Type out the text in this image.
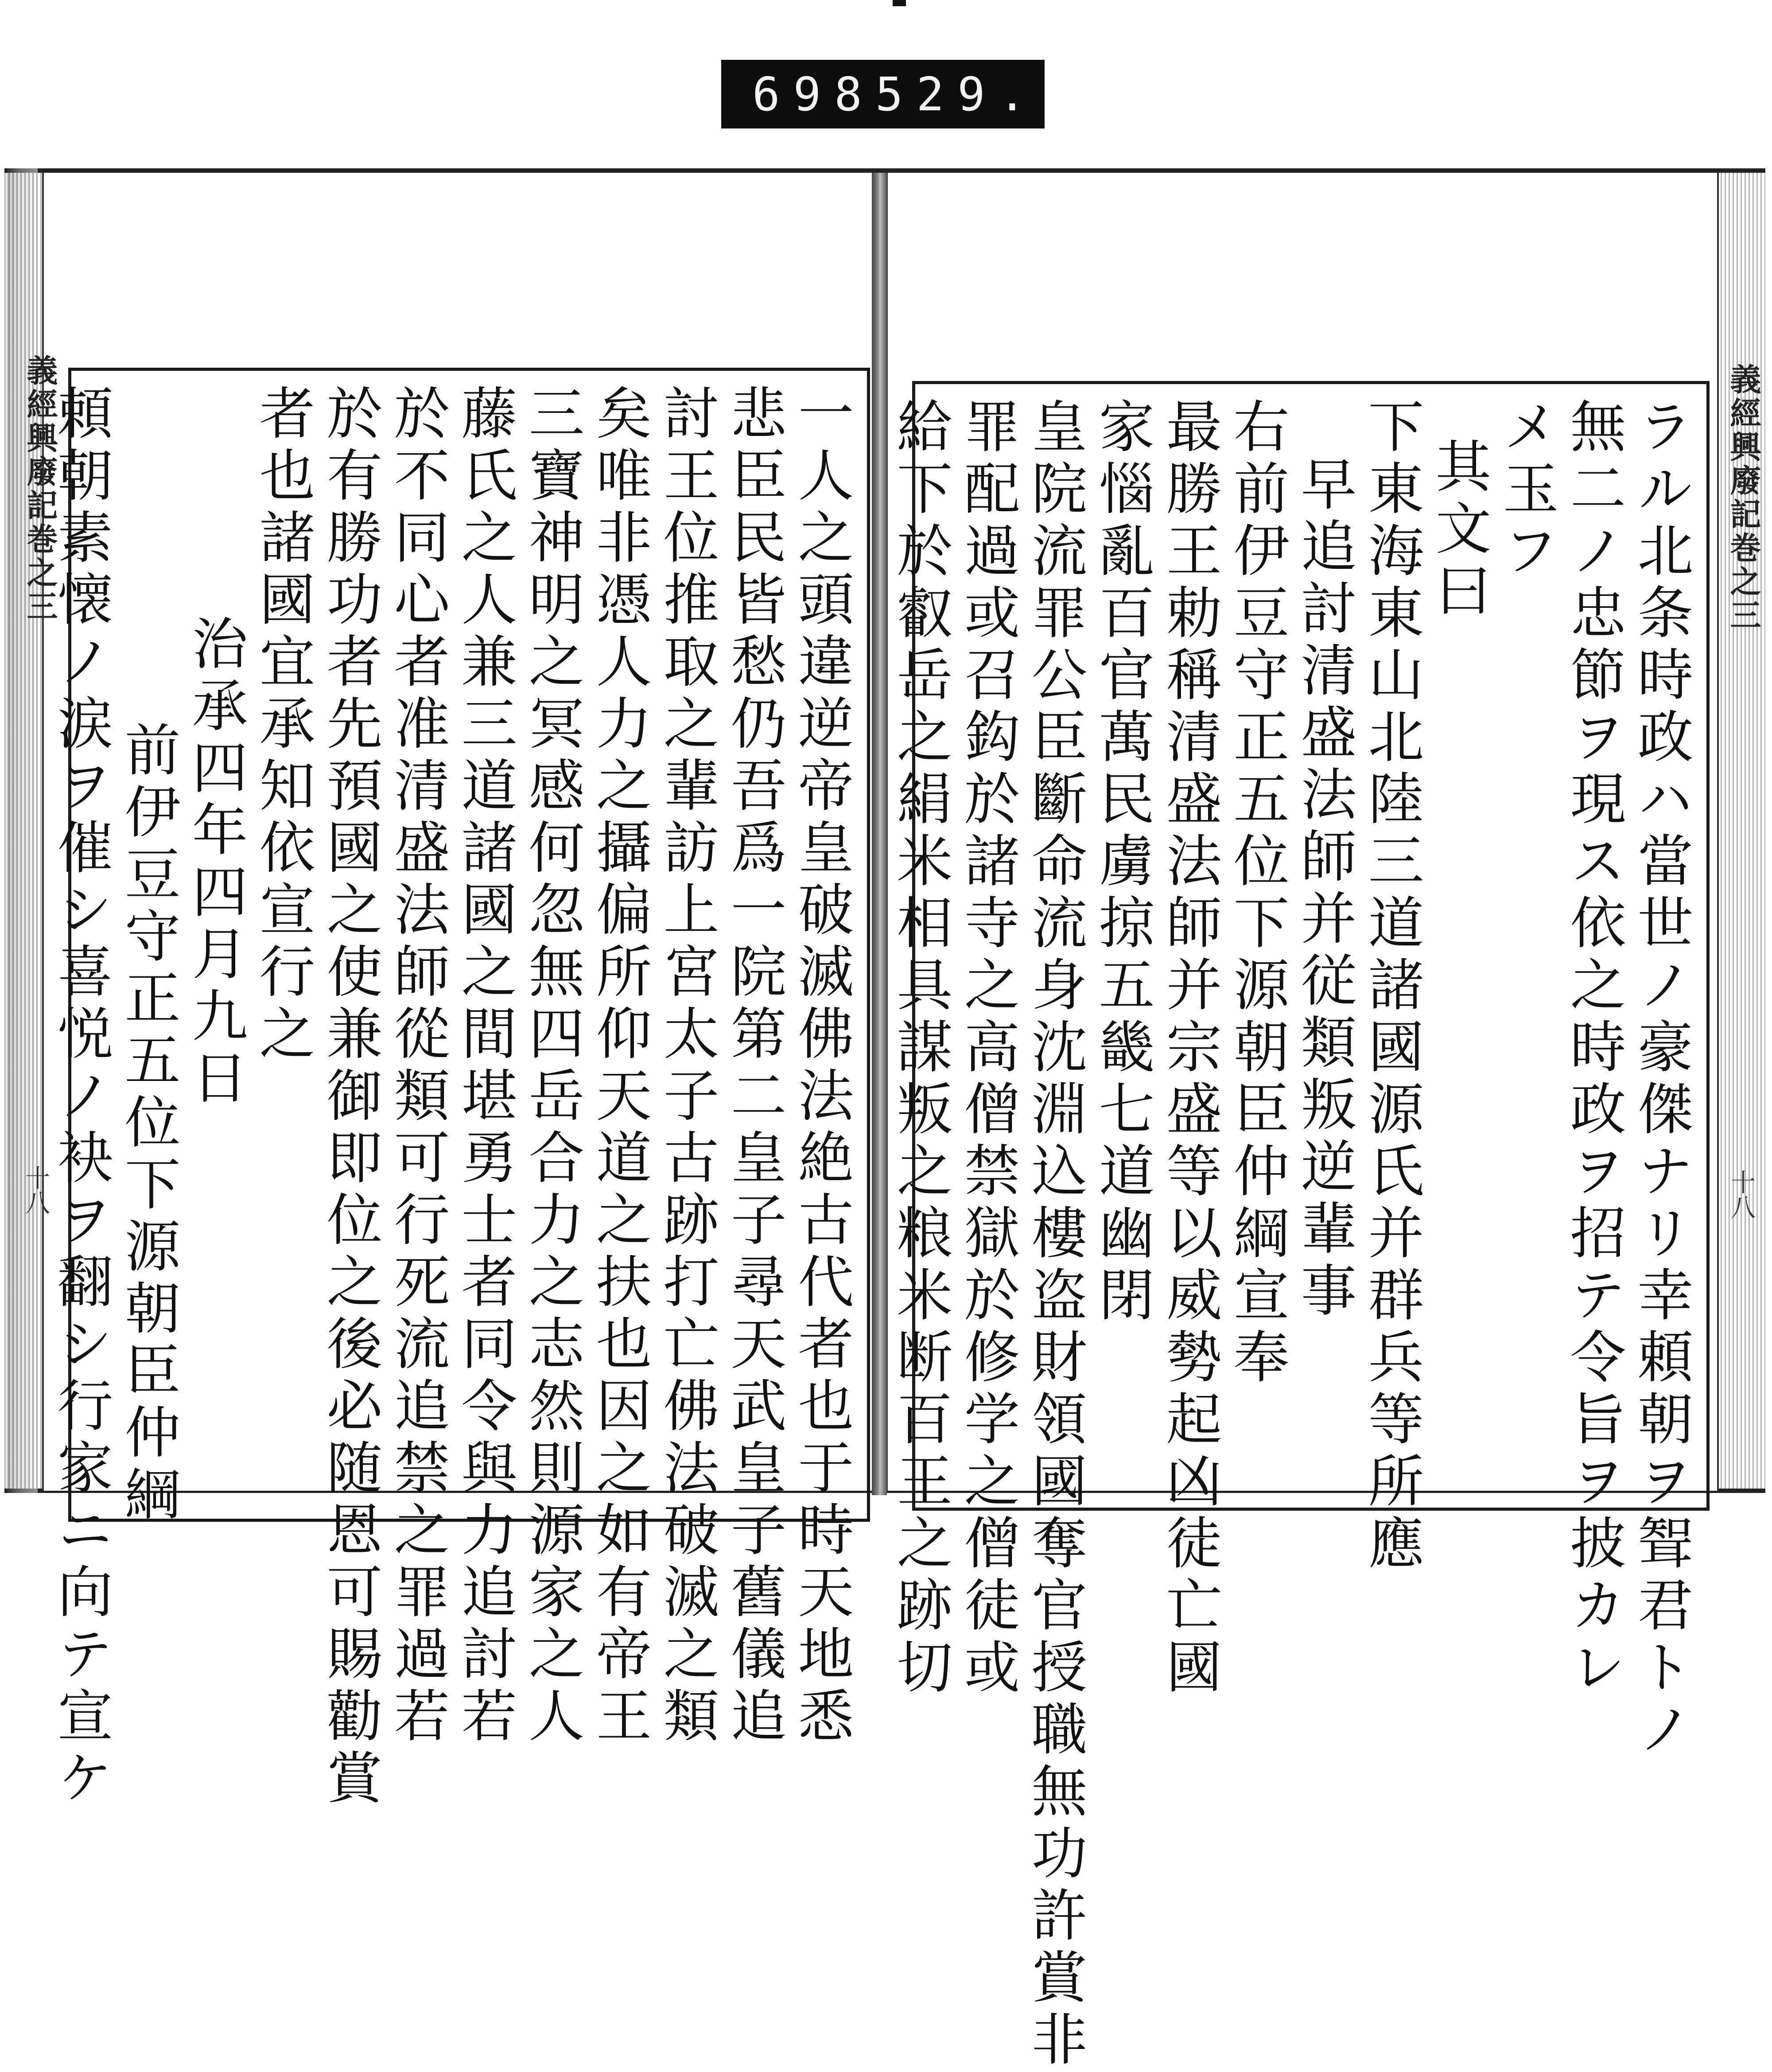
698 529.
一人之頭違逆帝皇破滅佛法絶古代者也于時天地悉
悲臣民皆愁仍吾爲一院第二皇子尋天武皇子舊儀追
討王位推取之輩訪上宮太子古跡打亡佛法破滅之類
矣唯非憑人力之攝偏所仰天道之扶也因之如有帝王
三寶神明之冥感何忽無四岳合力之志然則源家之人
藤氏之人兼三道諸國之間堪勇士者同令與力追討若
於不同心者准清盛法師從類可行死流追禁之罪過若
於有勝功者先預國之使兼御即位之後必随恩可賜勸賞
者也諸國宜承知依宣行之
治承四年四月九日
前伊豆守正五位下源朝臣仲綱
頼朝素懐ノ涙ヲ催シ喜悦ノ袂ヲ翻シ行家ニ向テ宣ケ	ラル北条時政ハ當世ノ豪傑ナリ幸頼朝ヲ聟君トノ
無二ノ忠節ヲ現ス依之時政ヲ招テ令旨ヲ披カレ
メ玉フ
其文曰
下東海東山北陸三道諸國源氏并群兵等所應
早追討清盛法師并従類叛逆輩事
右前伊豆守正五位下源朝臣仲綱宣奉
最勝王勅稱清盛法師并宗盛等以威勢起凶徒亡國
家惱亂百官萬民虜掠五畿七道幽閉
皇院流罪公臣斷命流身沈淵込樓盗財領國奪官授職無功許賞非
罪配過或召鈎於諸寺之高僧禁獄於修学之僧徒或
給下於叡岳之絹米相具謀叛之粮米断百王之跡切
義經興廢記巻之三	義經興廢記巻之三
十八	十八
